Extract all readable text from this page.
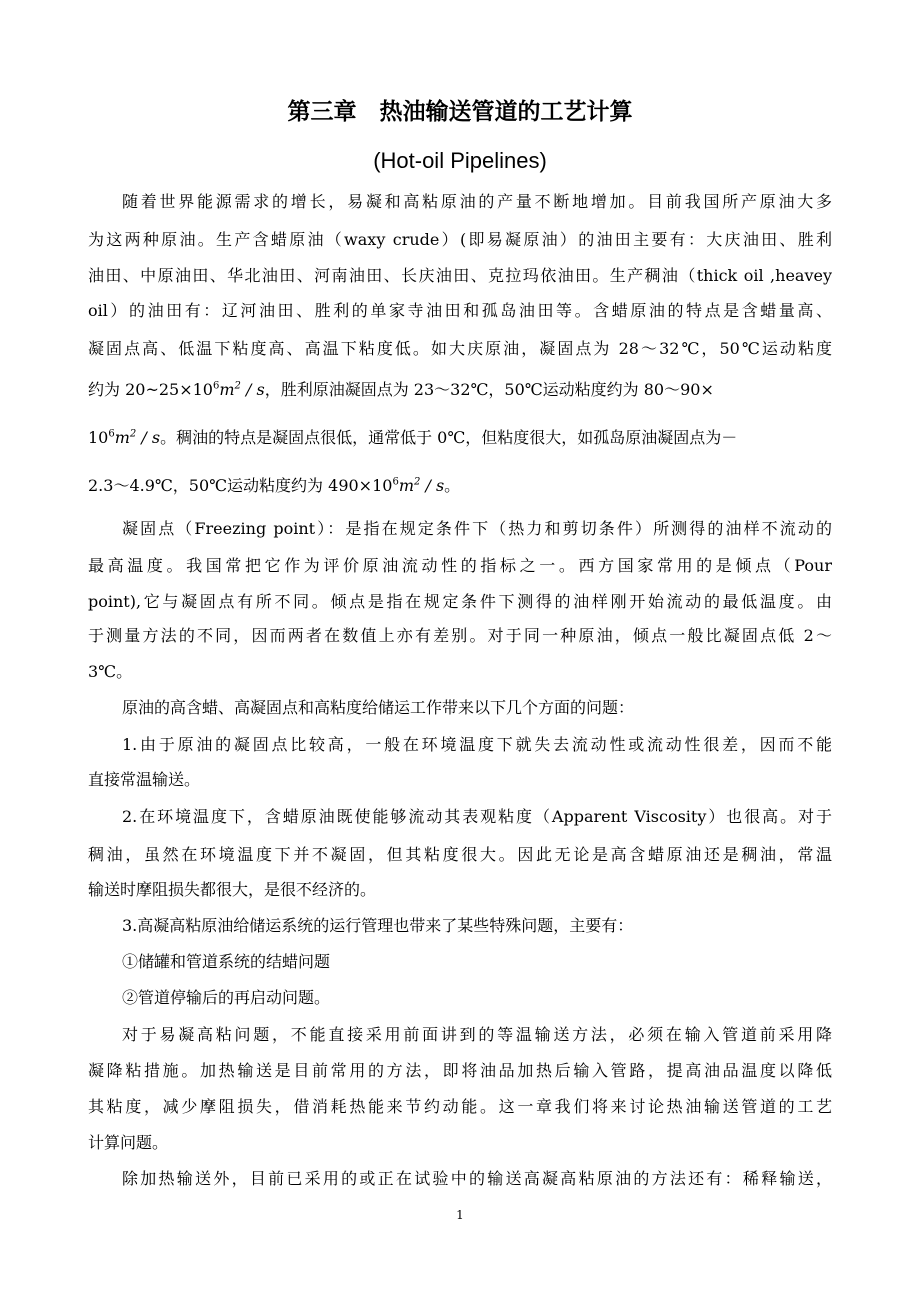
第三章　热油输送管道的工艺计算
(Hot-oil Pipelines)
随着世界能源需求的增长，易凝和高粘原油的产量不断地增加。目前我国所产原油大多
为这两种原油。生产含蜡原油（waxy crude）(即易凝原油）的油田主要有：大庆油田、胜利
油田、中原油田、华北油田、河南油田、长庆油田、克拉玛依油田。生产稠油（thick oil ,heavey
oil）的油田有：辽河油田、胜利的单家寺油田和孤岛油田等。含蜡原油的特点是含蜡量高、
凝固点高、低温下粘度高、高温下粘度低。如大庆原油，凝固点为 28～32℃，50℃运动粘度
约为 $20\sim 25\times 10^6m^2 / s$，胜利原油凝固点为 23～32℃，50℃运动粘度约为 80～90×
$10^6m^2$ / s。稠油的特点是凝固点很低，通常低于 0℃，但粘度很大，如孤岛原油凝固点为－
2.3～4.9℃，50℃运动粘度约为 $490\times 10^6m^2 / s$。
凝固点（Freezing point）：是指在规定条件下（热力和剪切条件）所测得的油样不流动的
最高温度。我国常把它作为评价原油流动性的指标之一。西方国家常用的是倾点（Pour
point),它与凝固点有所不同。倾点是指在规定条件下测得的油样刚开始流动的最低温度。由
于测量方法的不同，因而两者在数值上亦有差别。对于同一种原油，倾点一般比凝固点低 2～
3℃。
原油的高含蜡、高凝固点和高粘度给储运工作带来以下几个方面的问题：
1.由于原油的凝固点比较高，一般在环境温度下就失去流动性或流动性很差，因而不能
直接常温输送。
2.在环境温度下，含蜡原油既使能够流动其表观粘度（Apparent Viscosity）也很高。对于
稠油，虽然在环境温度下并不凝固，但其粘度很大。因此无论是高含蜡原油还是稠油，常温
输送时摩阻损失都很大，是很不经济的。
3.高凝高粘原油给储运系统的运行管理也带来了某些特殊问题，主要有：
①储罐和管道系统的结蜡问题
②管道停输后的再启动问题。
对于易凝高粘问题，不能直接采用前面讲到的等温输送方法，必须在输入管道前采用降
凝降粘措施。加热输送是目前常用的方法，即将油品加热后输入管路，提高油品温度以降低
其粘度，减少摩阻损失，借消耗热能来节约动能。这一章我们将来讨论热油输送管道的工艺
计算问题。
除加热输送外，目前已采用的或正在试验中的输送高凝高粘原油的方法还有：稀释输送，
1
